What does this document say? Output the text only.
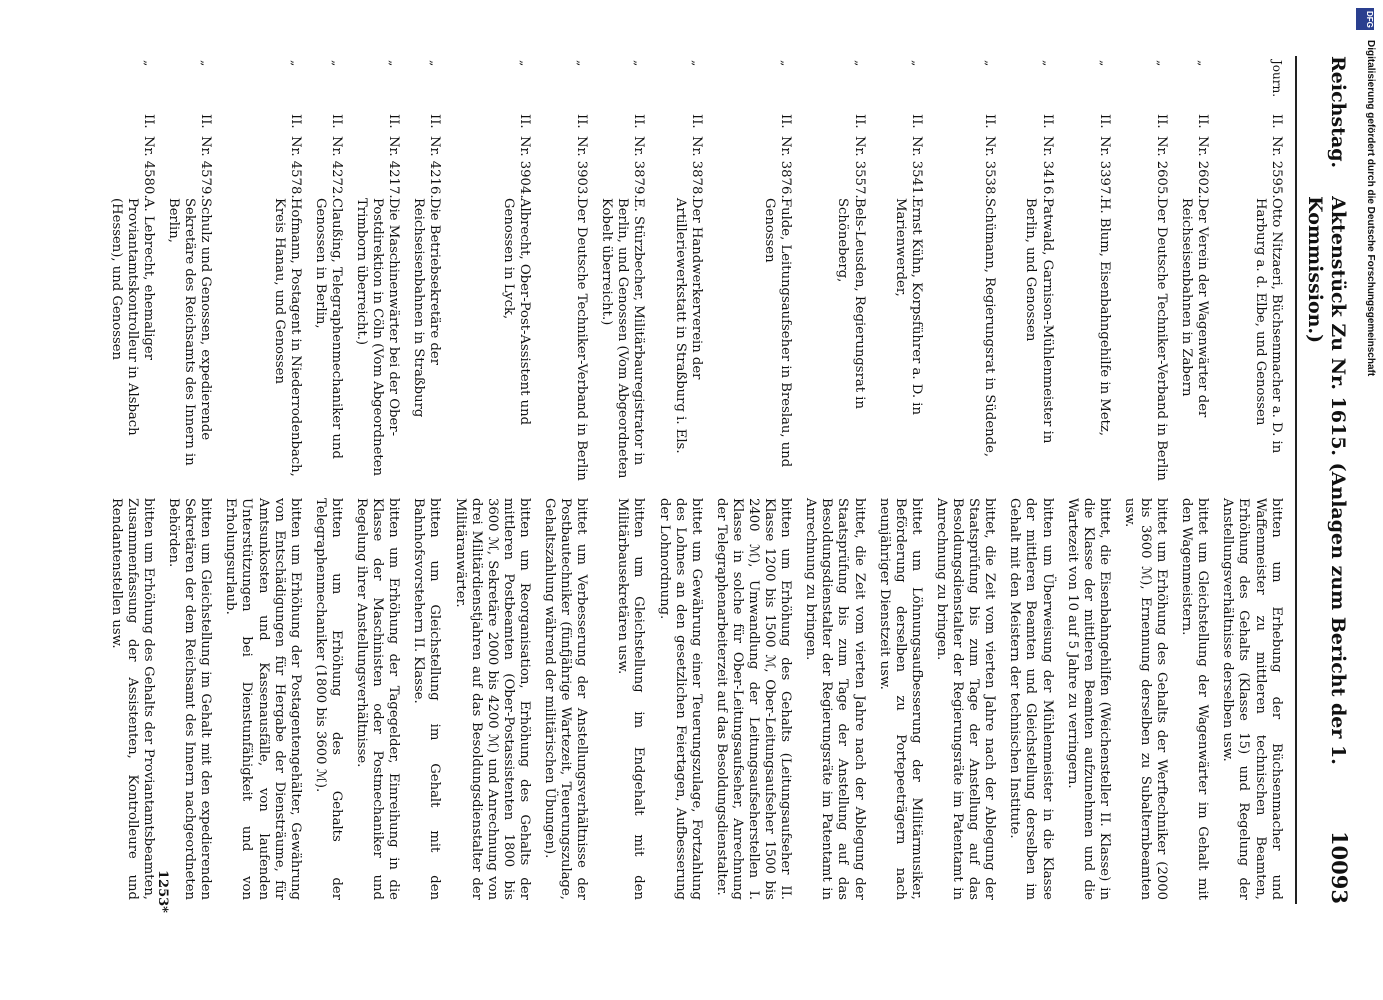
Reichstag.
Aktenstück Zu Nr. 1615. (Anlagen zum Bericht der 1. Kommission.)
10093
Journ.	II.	Nr. 2595.	Otto Nitzaeri, Büchsenmacher a. D. in Harburg a. d. Elbe, und Genossen	bitten um Erhebung der Büchsenmacher und Waffenmeister zu mittleren technischen Beamten, Erhöhung des Gehalts (Klasse 15) und Regelung der Anstellungsverhältnisse derselben usw.
„	II.	Nr. 2602.	Der Verein der Wagenwärter der Reichseisenbahnen in Zabern	bittet um Gleichstellung der Wagenwärter im Gehalt mit den Wagenmeistern.
„	II.	Nr. 2605.	Der Deutsche Techniker-Verband in Berlin	bittet um Erhöhung des Gehalts der Werftechniker (2000 bis 3600 ℳ), Ernennung derselben zu Subalternbeamten usw.
„	II.	Nr. 3397.	H. Blum, Eisenbahngehilfe in Metz,	bittet, die Eisenbahngehilfen (Weichensteller II. Klasse) in die Klasse der mittleren Beamten aufzunehmen und die Wartezeit von 10 auf 5 Jahre zu verringern.
„	II.	Nr. 3416.	Patwald, Garnison-Mühlenmeister in Berlin, und Genossen	bitten um Überweisung der Mühlenmeister in die Klasse der mittleren Beamten und Gleichstellung derselben im Gehalt mit den Meistern der technischen Institute.
„	II.	Nr. 3538.	Schümann, Regierungsrat in Südende,	bittet, die Zeit vom vierten Jahre nach der Ablegung der Staatsprüfung bis zum Tage der Anstellung auf das Besoldungsdienstalter der Regierungsräte im Patentamt in Anrechnung zu bringen.
„	II.	Nr. 3541.	Ernst Kühn, Korpsführer a. D. in Marienwerder,	bittet um Löhnungsaufbesserung der Militärmusiker, Beförderung derselben zu Portepeeträgern nach neunjähriger Dienstzeit usw.
„	II.	Nr. 3557.	Bels-Leusden, Regierungsrat in Schöneberg,	bittet, die Zeit vom vierten Jahre nach der Ablegung der Staatsprüfung bis zum Tage der Anstellung auf das Besoldungsdienstalter der Regierungsräte im Patentamt in Anrechnung zu bringen.
„	II.	Nr. 3876.	Fulde, Leitungsaufseher in Breslau, und Genossen	bitten um Erhöhung des Gehalts (Leitungsaufseher II. Klasse 1200 bis 1500 ℳ, Ober-Leitungsaufseher 1500 bis 2400 ℳ), Umwandlung der Leitungsaufseherstellen I. Klasse in solche für Ober-Leitungsaufseher, Anrechnung der Telegraphenarbeiterzeit auf das Besoldungsdienstalter.
„	II.	Nr. 3878.	Der Handwerkerverein der Artilleriewerkstatt in Straßburg i. Els.	bittet um Gewährung einer Teuerungszulage, Fortzahlung des Lohnes an den gesetzlichen Feiertagen, Aufbesserung der Lohnordnung.
„	II.	Nr. 3879.	E. Stürzbecher, Militärbauregistrator in Berlin, und Genossen (Vom Abgeordneten Kobelt überreicht.)	bitten um Gleichstellung im Endgehalt mit den Militärbausekretären usw.
„	II.	Nr. 3903.	Der Deutsche Techniker-Verband in Berlin	bittet um Verbesserung der Anstellungsverhältnisse der Postbautechniker (fünfjährige Wartezeit, Teuerungszulage, Gehaltszahlung während der militärischen Übungen).
„	II.	Nr. 3904.	Albrecht, Ober-Post-Assistent und Genossen in Lyck,	bitten um Reorganisation, Erhöhung des Gehalts der mittleren Postbeamten (Ober-Postassistenten 1800 bis 3600 ℳ, Sekretäre 2000 bis 4200 ℳ) und Anrechnung von drei Militärdienstjahren auf das Besoldungsdienstalter der Militäranwärter.
„	II.	Nr. 4216.	Die Betriebsekretäre der Reichseisenbahnen in Straßburg	bitten um Gleichstellung im Gehalt mit den Bahnhofsvorstehern II. Klasse.
„	II.	Nr. 4217.	Die Maschinenwärter bei der Ober-Postdirektion in Cöln (Vom Abgeordneten Trimborn überreicht.)	bitten um Erhöhung der Tagegelder, Einreihung in die Klasse der Maschinisten oder Postmechaniker und Regelung ihrer Anstellungsverhältnisse.
„	II.	Nr. 4272.	Claußing, Telegraphenmechaniker und Genossen in Berlin,	bitten um Erhöhung des Gehalts der Telegraphenmechaniker (1800 bis 3600 ℳ).
„	II.	Nr. 4578.	Hofmann, Postagent in Niederrodenbach, Kreis Hanau, und Genossen	bitten um Erhöhung der Postagentengehälter, Gewährung von Entschädigungen für Hergabe der Diensträume, für Amtsunkosten und Kassenausfälle, von laufenden Unterstützungen bei Dienstunfähigkeit und von Erholungsurlaub.
„	II.	Nr. 4579.	Schulz und Genossen, expedierende Sekretäre des Reichsamts des Innern in Berlin,	bitten um Gleichstellung im Gehalt mit den expedierenden Sekretären der dem Reichsamt des Innern nachgeordneten Behörden.
„	II.	Nr. 4580.	A. Lebrecht, ehemaliger Proviantamtskontrolleur in Alsbach (Hessen), und Genossen	bitten um Erhöhung des Gehalts der Proviantamtsbeamten, Zusammenfassung der Assistenten, Kontrolleure und Rendantenstellen usw.
1253*
DFG
Digitalisierung gefördert durch die Deutsche Forschungsgemeinschaft
